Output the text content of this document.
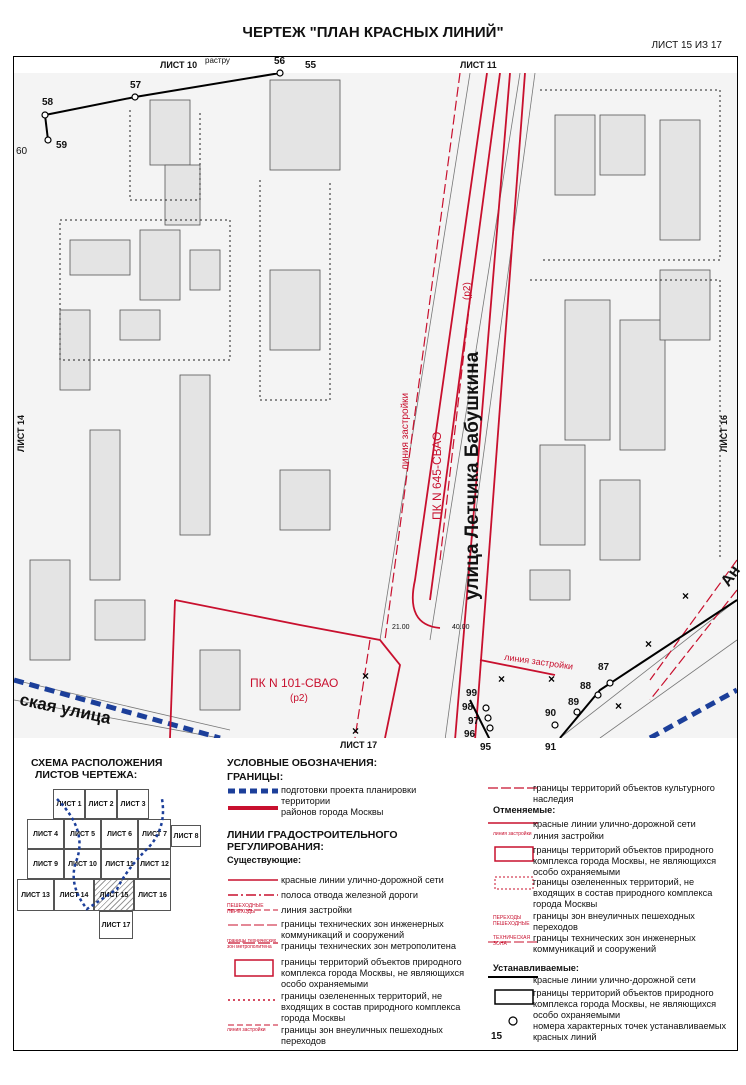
ЧЕРТЕЖ "ПЛАН КРАСНЫХ ЛИНИЙ"
ЛИСТ 15 ИЗ 17
×
×
×	×
×
×
×
ЛИСТ 10	ЛИСТ 11
ЛИСТ 14	ЛИСТ 16
ЛИСТ 17
растру	56 55
57
58
59
60
87
88
89
90
91
95
96
97
98
99
улица Летчика Бабушкина
ская улица
Ан
ПК N 645-СВАО
(р2)
линия застройки
ПК N 101-СВАО
(р2)
линия застройки
21.00	40.00
СХЕМА РАСПОЛОЖЕНИЯ
ЛИСТОВ ЧЕРТЕЖА:
ЛИСТ 1	ЛИСТ 2	ЛИСТ 3
ЛИСТ 4	ЛИСТ 5	ЛИСТ 6	ЛИСТ 7 ЛИСТ 8
ЛИСТ 9	ЛИСТ 10	ЛИСТ 11 ЛИСТ 12
ЛИСТ 13	ЛИСТ 14	ЛИСТ 15	ЛИСТ 16
ЛИСТ 17
УСЛОВНЫЕ ОБОЗНАЧЕНИЯ:
ГРАНИЦЫ:
подготовки проекта планировки территории
районов города Москвы
ЛИНИИ ГРАДОСТРОИТЕЛЬНОГО
РЕГУЛИРОВАНИЯ:
Существующие:
красные линии улично-дорожной сети
полоса отвода железной дороги
линия застройки
границы технических зон инженерных коммуникаций и сооружений
границы технических зон метрополитена
границы территорий объектов природного комплекса города Москвы, не являющихся особо охраняемыми
границы озелененных территорий, не входящих в состав природного комплекса города Москвы
границы зон внеуличных пешеходных переходов
линия застройки
границы технических зон метрополитена
ПЕШЕХОДНЫЕ ПЕРЕХОДЫ
границы территорий объектов культурного наследия
Отменяемые:
красные линии улично-дорожной сети
линия застройки
границы территорий объектов природного комплекса города Москвы, не являющихся особо охраняемыми
границы озелененных территорий, не входящих в состав природного комплекса города Москвы
границы зон внеуличных пешеходных переходов
границы технических зон инженерных коммуникаций и сооружений
линия застройки
ПЕРЕХОДЫ ПЕШЕХОДНЫЕ
ТЕХНИЧЕСКАЯ ЗОНА
Устанавливаемые:
красные линии улично-дорожной сети
границы территорий объектов природного комплекса города Москвы, не являющихся особо охраняемыми
15
номера характерных точек устанавливаемых красных линий
